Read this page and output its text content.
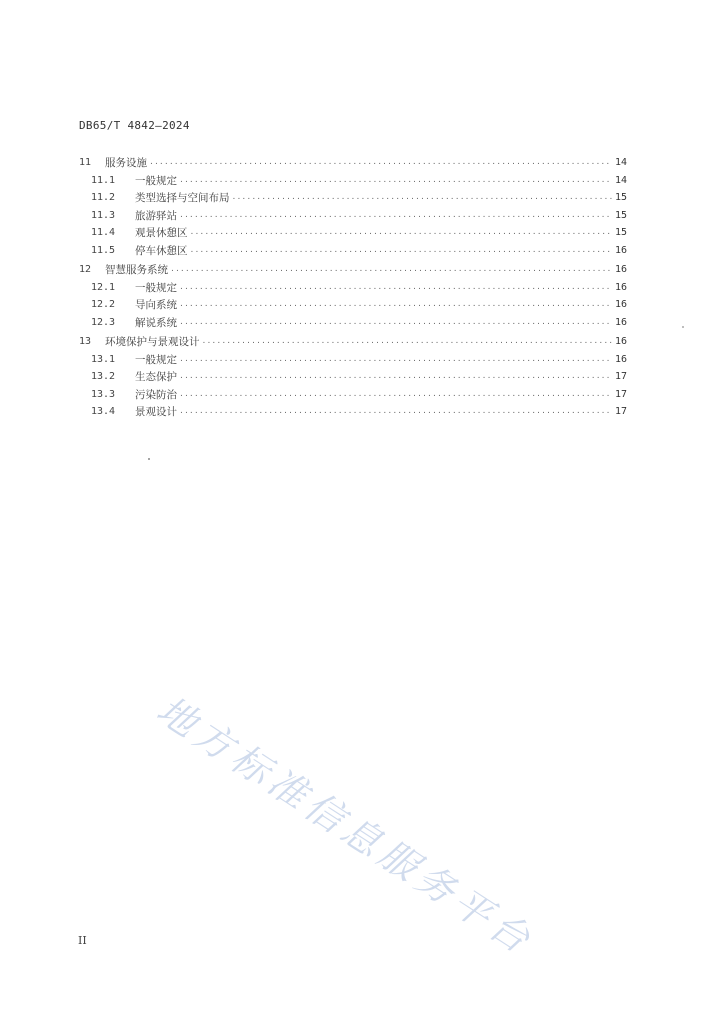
DB65/T 4842—2024
11	服务设施 .....	14
11.1	一般规定 .....	14
11.2	类型选择与空间布局 .....	15
11.3	旅游驿站 .....	15
11.4	观景休憩区 .....	15
11.5	停车休憩区 .....	16
12	智慧服务系统 .....	16
12.1	一般规定 .....	16
12.2	导向系统 .....	16
12.3	解说系统 .....	16
13	环境保护与景观设计 .....	16
13.1	一般规定 .....	16
13.2	生态保护 .....	17
13.3	污染防治 .....	17
13.4	景观设计 .....	17
地方标准信息服务平台
II
